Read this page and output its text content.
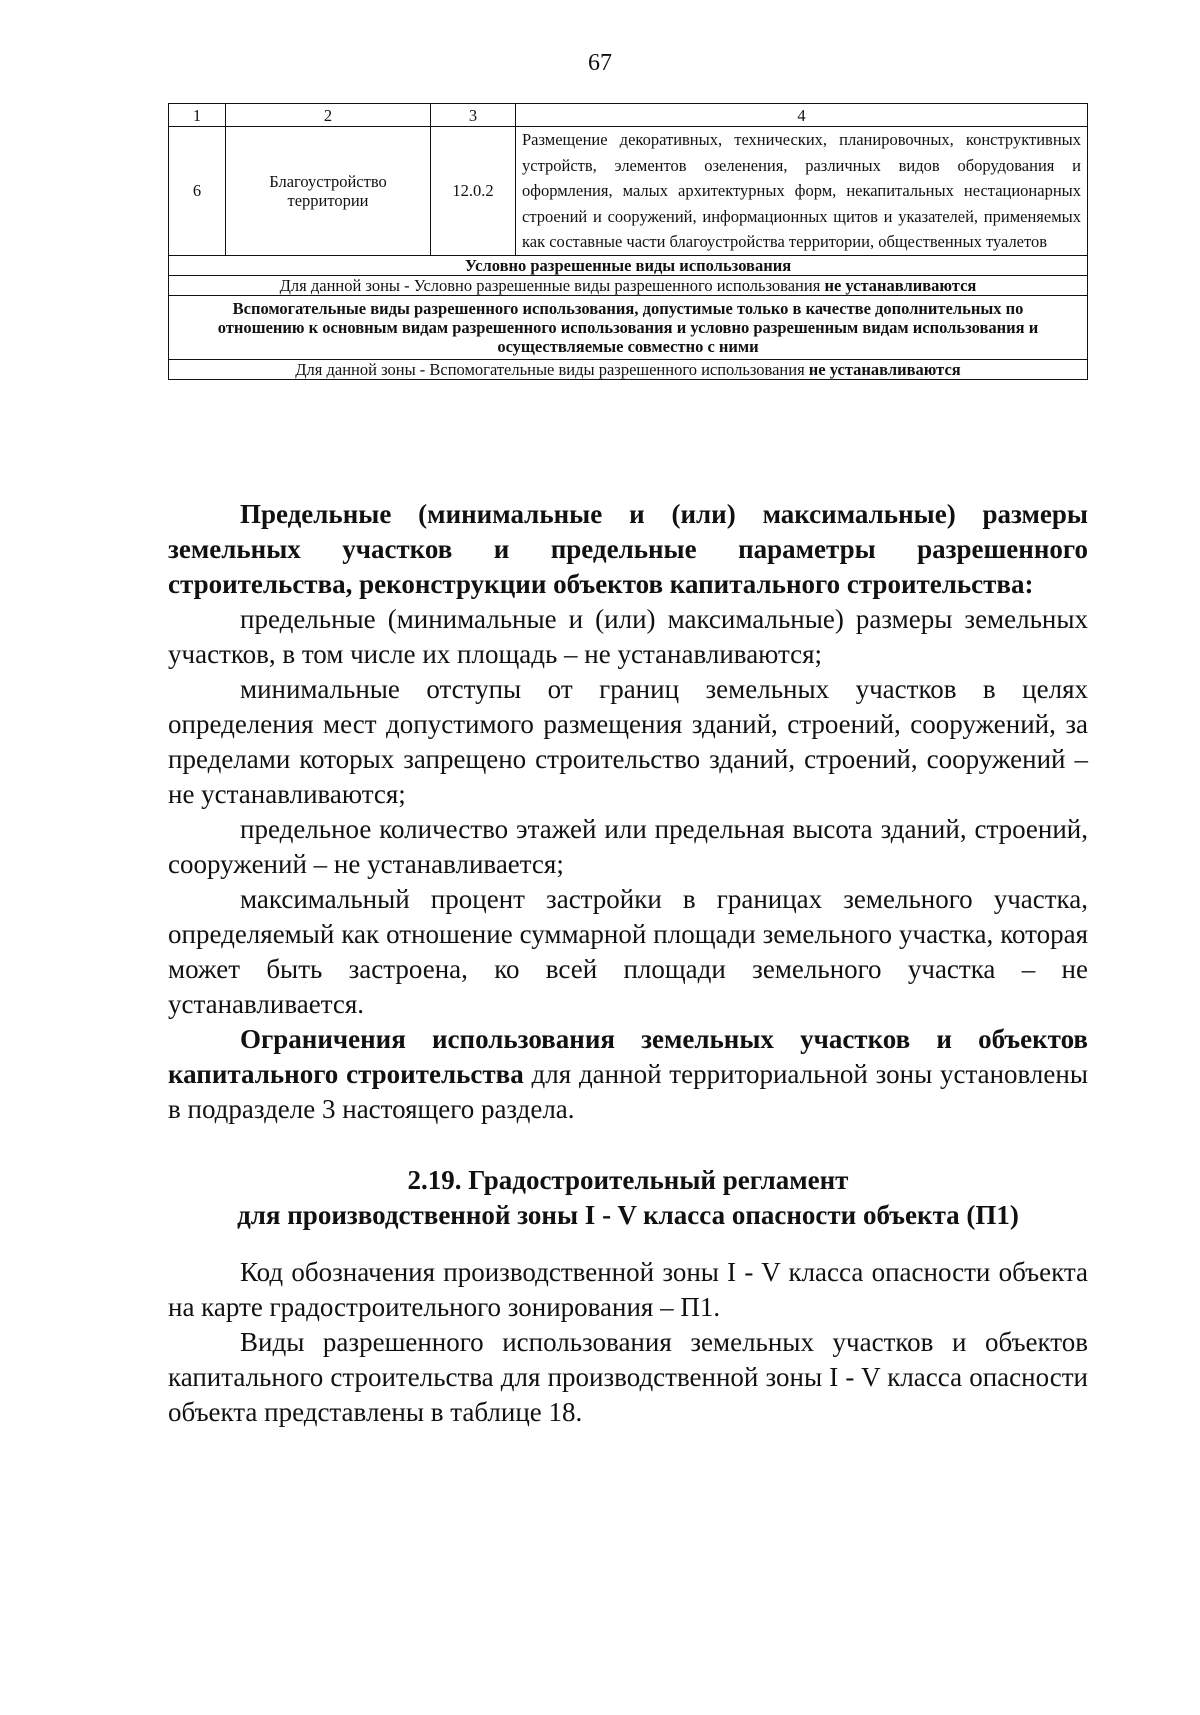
67
1	2	3	4
6	Благоустройство территории	12.0.2	Размещение декоративных, технических, планировочных, конструктивных устройств, элементов озеленения, различных видов оборудования и оформления, малых архитектурных форм, некапитальных нестационарных строений и сооружений, информационных щитов и указателей, применяемых как составные части благоустройства территории, общественных туалетов
Условно разрешенные виды использования			
Для данной зоны - Условно разрешенные виды разрешенного использования не устанавливаются			
Вспомогательные виды разрешенного использования, допустимые только в качестве дополнительных по отношению к основным видам разрешенного использования и условно разрешенным видам использования и осуществляемые совместно с ними			
Для данной зоны - Вспомогательные виды разрешенного использования не устанавливаются			

Предельные (минимальные и (или) максимальные) размеры земельных участков и предельные параметры разрешенного строительства, реконструкции объектов капитального строительства:

предельные (минимальные и (или) максимальные) размеры земельных участков, в том числе их площадь – не устанавливаются;

минимальные отступы от границ земельных участков в целях определения мест допустимого размещения зданий, строений, сооружений, за пределами которых запрещено строительство зданий, строений, сооружений – не устанавливаются;

предельное количество этажей или предельная высота зданий, строений, сооружений – не устанавливается;

максимальный процент застройки в границах земельного участка, определяемый как отношение суммарной площади земельного участка, которая может быть застроена, ко всей площади земельного участка – не устанавливается.

Ограничения использования земельных участков и объектов капитального строительства для данной территориальной зоны установлены в подразделе 3 настоящего раздела.

2.19. Градостроительный регламент

для производственной зоны I - V класса опасности объекта (П1)

Код обозначения производственной зоны I - V класса опасности объекта на карте градостроительного зонирования – П1.

Виды разрешенного использования земельных участков и объектов капитального строительства для производственной зоны I - V класса опасности объекта представлены в таблице 18.
